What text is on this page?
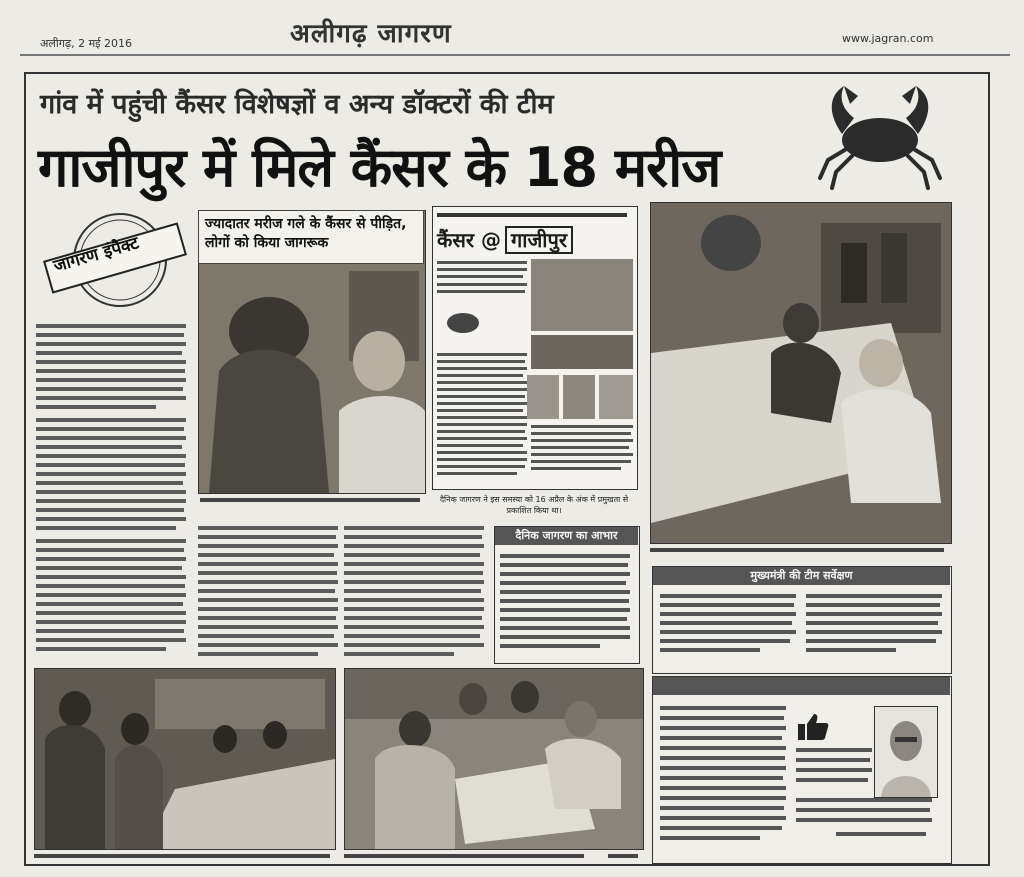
अलीगढ़, 2 मई 2016	अलीगढ़ जागरण	www.jagran.com
गांव में पहुंची कैंसर विशेषज्ञों व अन्य डॉक्टरों की टीम
गाजीपुर में मिले कैंसर के 18 मरीज
जागरण इंपैक्ट
ज्यादातर मरीज गले के कैंसर से पीड़ित, लोगों को किया जागरूक	कैंसर @ गाजीपुर
दैनिक जागरण ने इस समस्या को 16 अप्रैल के अंक में प्रमुखता से प्रकाशित किया था।
दैनिक जागरण का आभार
मुख्यमंत्री की टीम सर्वेक्षण
